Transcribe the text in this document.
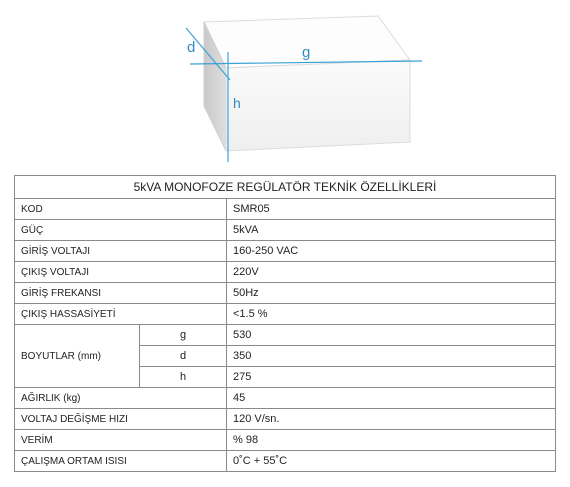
d	g
h
5kVA MONOFOZE REGÜLATÖR TEKNİK ÖZELLİKLERİ		
KOD		SMR05
GÜÇ		5kVA
GİRİŞ VOLTAJI		160-250 VAC
ÇIKIŞ VOLTAJI		220V
GİRİŞ FREKANSI		50Hz
ÇIKIŞ HASSASİYETİ		<1.5 %
BOYUTLAR (mm)	g	530
	d	350
	h	275
AĞIRLIK (kg)		45
VOLTAJ DEĞİŞME HIZI		120 V/sn.
VERİM		% 98
ÇALIŞMA ORTAM ISISI		0˚C + 55˚C
